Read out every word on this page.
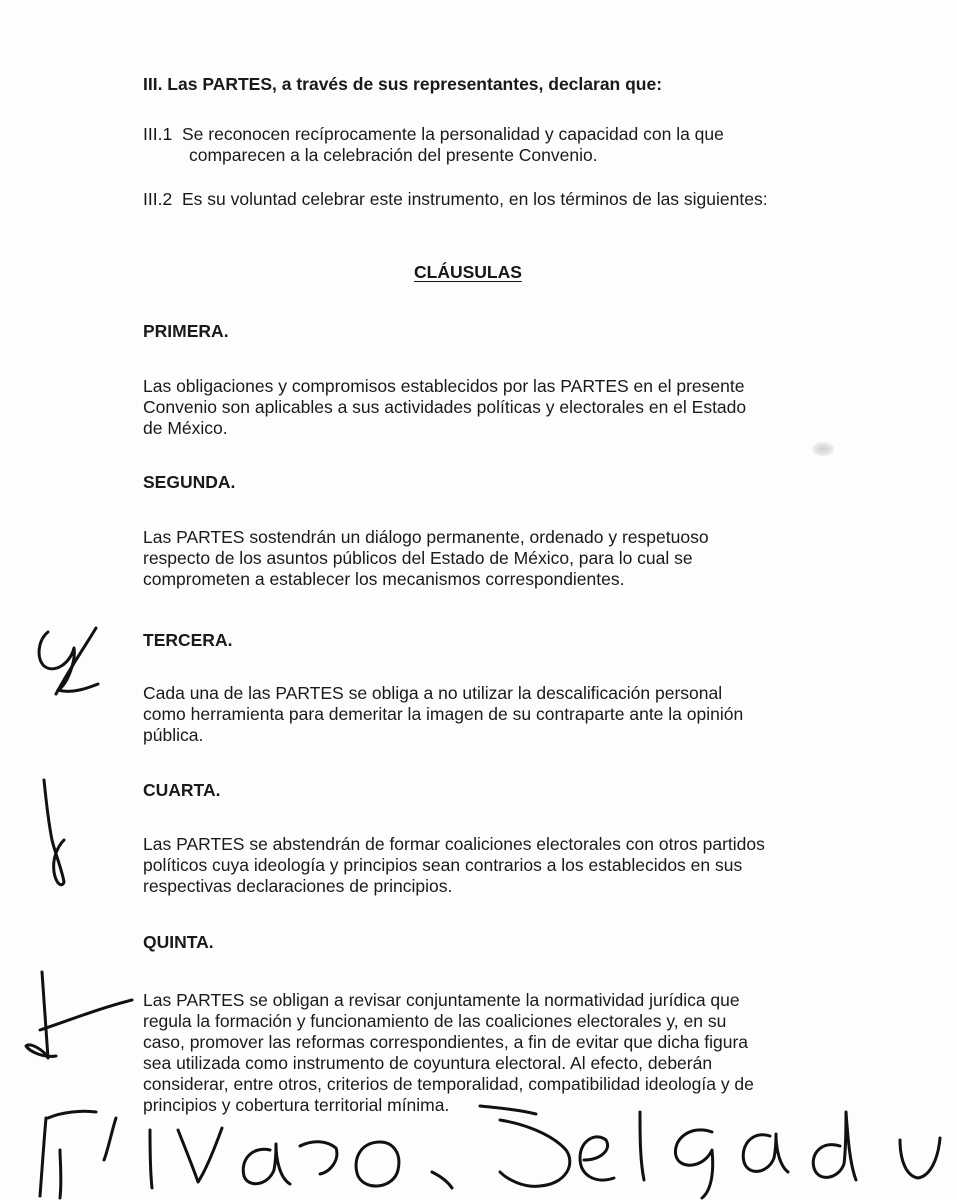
III. Las PARTES, a través de sus representantes, declaran que:
III.1 Se reconocen recíprocamente la personalidad y capacidad con la que
comparecen a la celebración del presente Convenio.
III.2 Es su voluntad celebrar este instrumento, en los términos de las siguientes:
CLÁUSULAS
PRIMERA.
Las obligaciones y compromisos establecidos por las PARTES en el presente
Convenio son aplicables a sus actividades políticas y electorales en el Estado
de México.
SEGUNDA.
Las PARTES sostendrán un diálogo permanente, ordenado y respetuoso
respecto de los asuntos públicos del Estado de México, para lo cual se
comprometen a establecer los mecanismos correspondientes.
TERCERA.
Cada una de las PARTES se obliga a no utilizar la descalificación personal
como herramienta para demeritar la imagen de su contraparte ante la opinión
pública.
CUARTA.
Las PARTES se abstendrán de formar coaliciones electorales con otros partidos
políticos cuya ideología y principios sean contrarios a los establecidos en sus
respectivas declaraciones de principios.
QUINTA.
Las PARTES se obligan a revisar conjuntamente la normatividad jurídica que
regula la formación y funcionamiento de las coaliciones electorales y, en su
caso, promover las reformas correspondientes, a fin de evitar que dicha figura
sea utilizada como instrumento de coyuntura electoral. Al efecto, deberán
considerar, entre otros, criterios de temporalidad, compatibilidad ideología y de
principios y cobertura territorial mínima.
